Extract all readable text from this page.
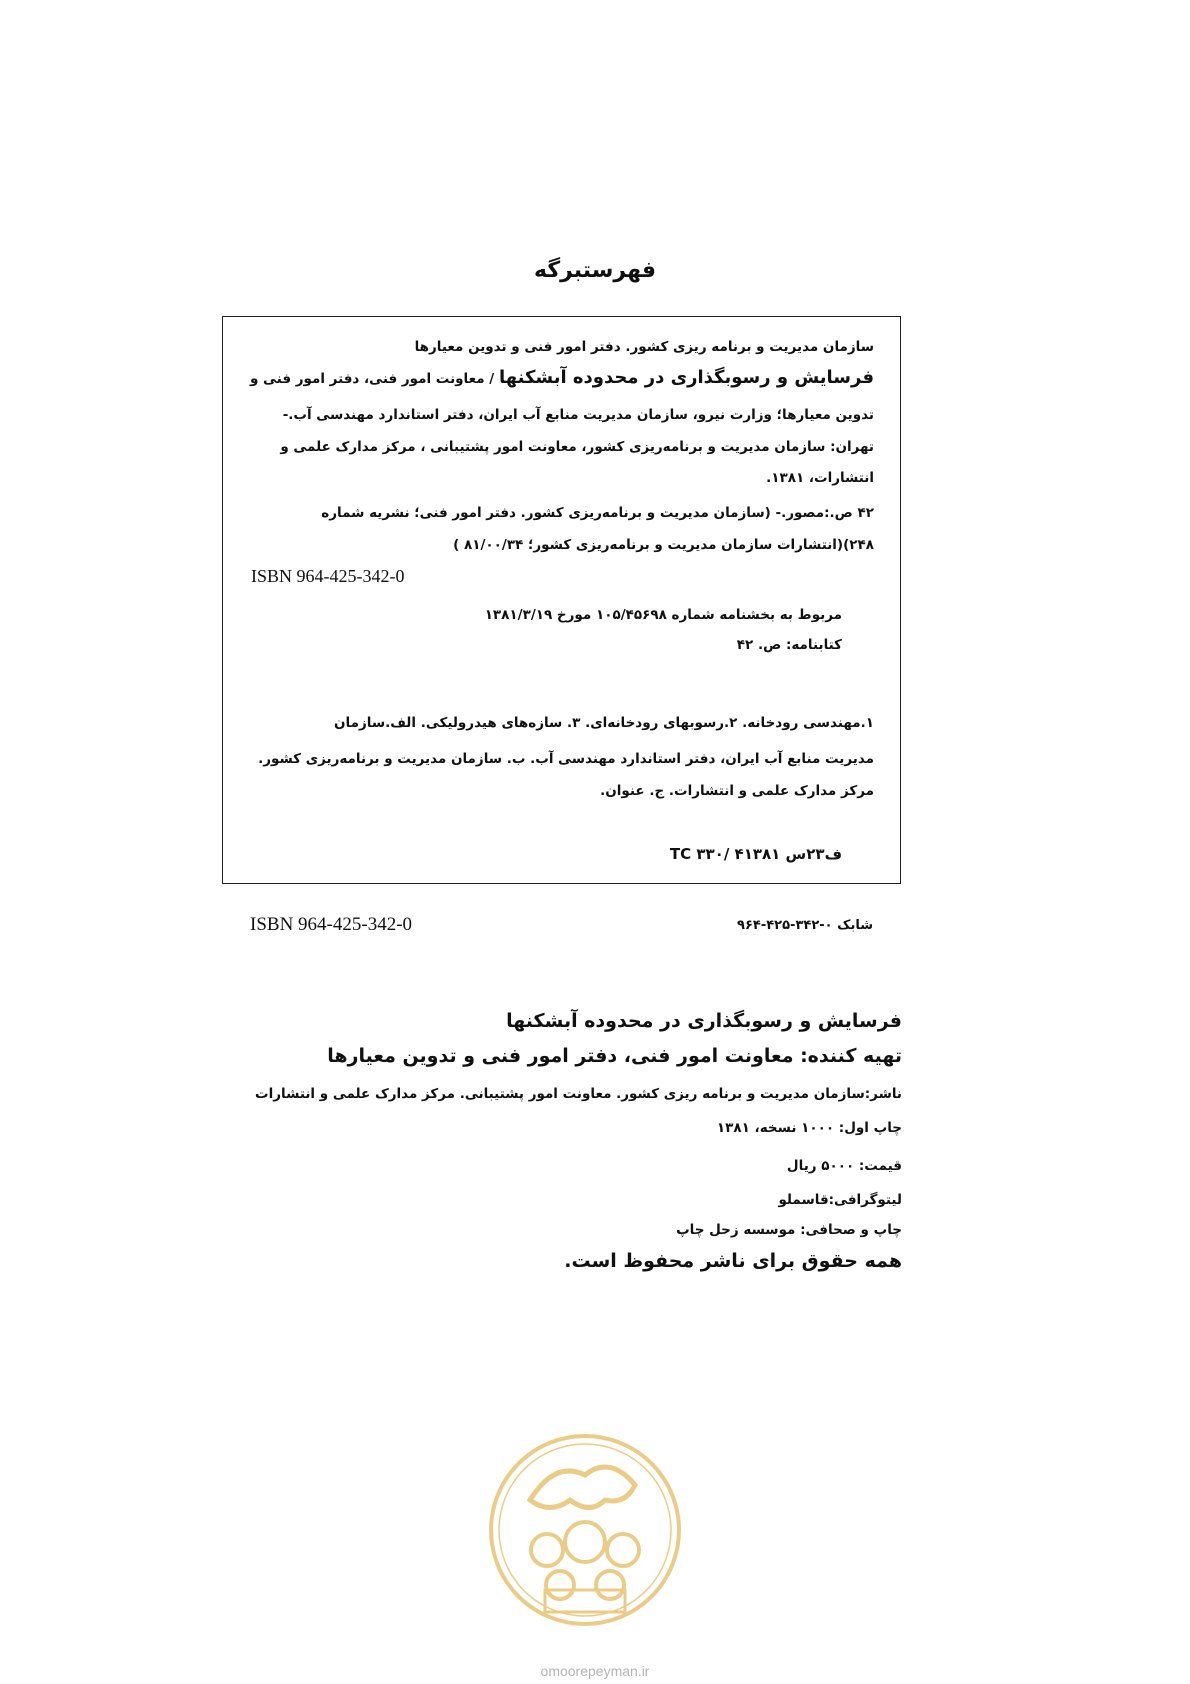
فهرستبرگه
سازمان مدیریت و برنامه ریزی کشور. دفتر امور فنی و تدوین معیارها
فرسایش و رسوبگذاری در محدوده آبشکنها / معاونت امور فنی، دفتر امور فنی و
تدوین معیارها؛ وزارت نیرو، سازمان مدیریت منابع آب ایران، دفتر استاندارد مهندسی آب.-
تهران: سازمان مدیریت و برنامه‌ریزی کشور، معاونت امور پشتیبانی ، مرکز مدارک علمی و
انتشارات، ۱۳۸۱.
۴۲ ص.:مصور.- (سازمان مدیریت و برنامه‌ریزی کشور. دفتر امور فنی؛ نشریه شماره
۲۴۸)(انتشارات سازمان مدیریت و برنامه‌ریزی کشور؛ ۸۱/۰۰/۳۴ )
ISBN 964-425-342-0
مربوط به بخشنامه شماره ۱۰۵/۴۵۶۹۸ مورخ ۱۳۸۱/۳/۱۹
کتابنامه: ص. ۴۲
۱.مهندسی رودخانه. ۲.رسوبهای رودخانه‌ای. ۳. سازه‌های هیدرولیکی. الف.سازمان
مدیریت منابع آب ایران، دفتر استاندارد مهندسی آب. ب. سازمان مدیریت و برنامه‌ریزی کشور.
مرکز مدارک علمی و انتشارات. ج. عنوان.
TC ۳۳۰/ ۴ف۲۳س ۱۳۸۱
ISBN 964-425-342-0	شابک ۰-۳۴۲-۴۲۵-۹۶۴
فرسایش و رسوبگذاری در محدوده آبشکنها
تهیه کننده: معاونت امور فنی، دفتر امور فنی و تدوین معیارها
ناشر:سازمان مدیریت و برنامه ریزی کشور. معاونت امور پشتیبانی. مرکز مدارک علمی و انتشارات
چاپ اول: ۱۰۰۰ نسخه، ۱۳۸۱
قیمت: ۵۰۰۰ ریال
لیتوگرافی:قاسملو
چاپ و صحافی: موسسه زحل چاپ
همه حقوق برای ناشر محفوظ است.
omoorepeyman.ir
